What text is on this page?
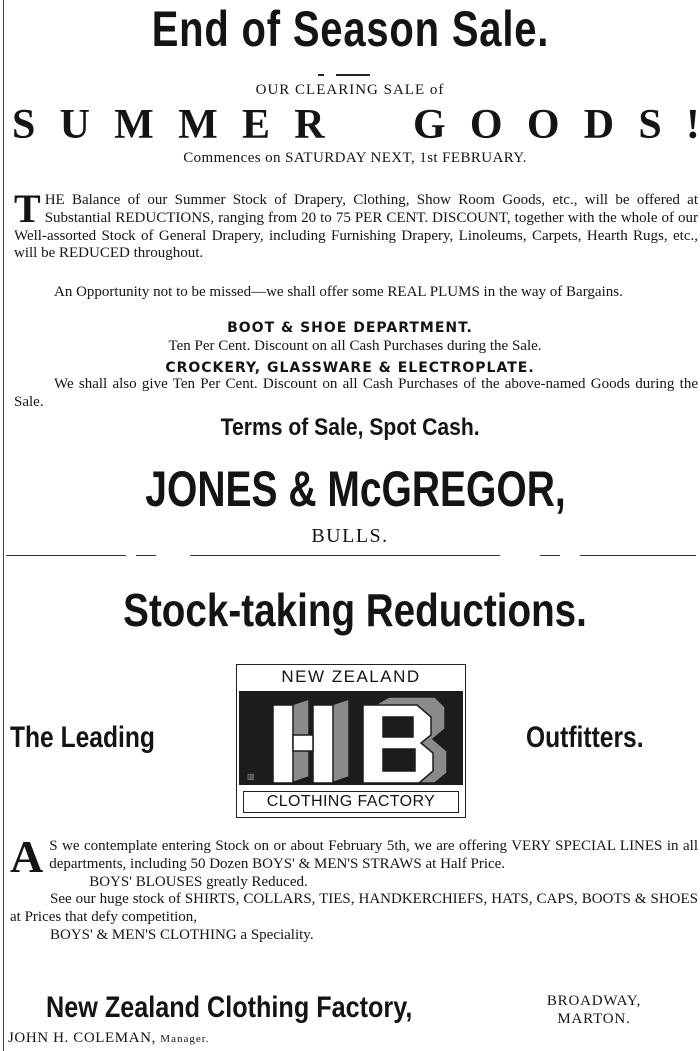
End of Season Sale.
OUR CLEARING SALE of
S U M M E R
G O O D S !
Commences on SATURDAY NEXT, 1st FEBRUARY.
T HE Balance of our Summer Stock of Drapery, Clothing, Show Room Goods, etc., will be offered at Substantial REDUCTIONS, ranging from 20 to 75 PER CENT. DISCOUNT, together with the whole of our Well-assorted Stock of General Drapery, including Furnishing Drapery, Linoleums, Carpets, Hearth Rugs, etc., will be REDUCED throughout.
An Opportunity not to be missed—we shall offer some REAL PLUMS in the way of Bargains.
BOOT & SHOE DEPARTMENT.
Ten Per Cent. Discount on all Cash Purchases during the Sale.
CROCKERY, GLASSWARE & ELECTROPLATE.
We shall also give Ten Per Cent. Discount on all Cash Purchases of the above-named Goods during the Sale.
Terms of Sale, Spot Cash.
JONES & McGREGOR,
BULLS.
Stock-taking Reductions.
The Leading
NEW ZEALAND
▥
CLOTHING FACTORY
Outfitters.
A S we contemplate entering Stock on or about February 5th, we are offering VERY SPECIAL LINES in all departments, including 50 Dozen BOYS' & MEN'S STRAWS at Half Price.
BOYS' BLOUSES greatly Reduced.
See our huge stock of SHIRTS, COLLARS, TIES, HANDKERCHIEFS, HATS, CAPS, BOOTS & SHOES at Prices that defy competition,
BOYS' & MEN'S CLOTHING a Speciality.
New Zealand Clothing Factory,	BROADWAY,
MARTON.
JOHN H. COLEMAN, Manager.
